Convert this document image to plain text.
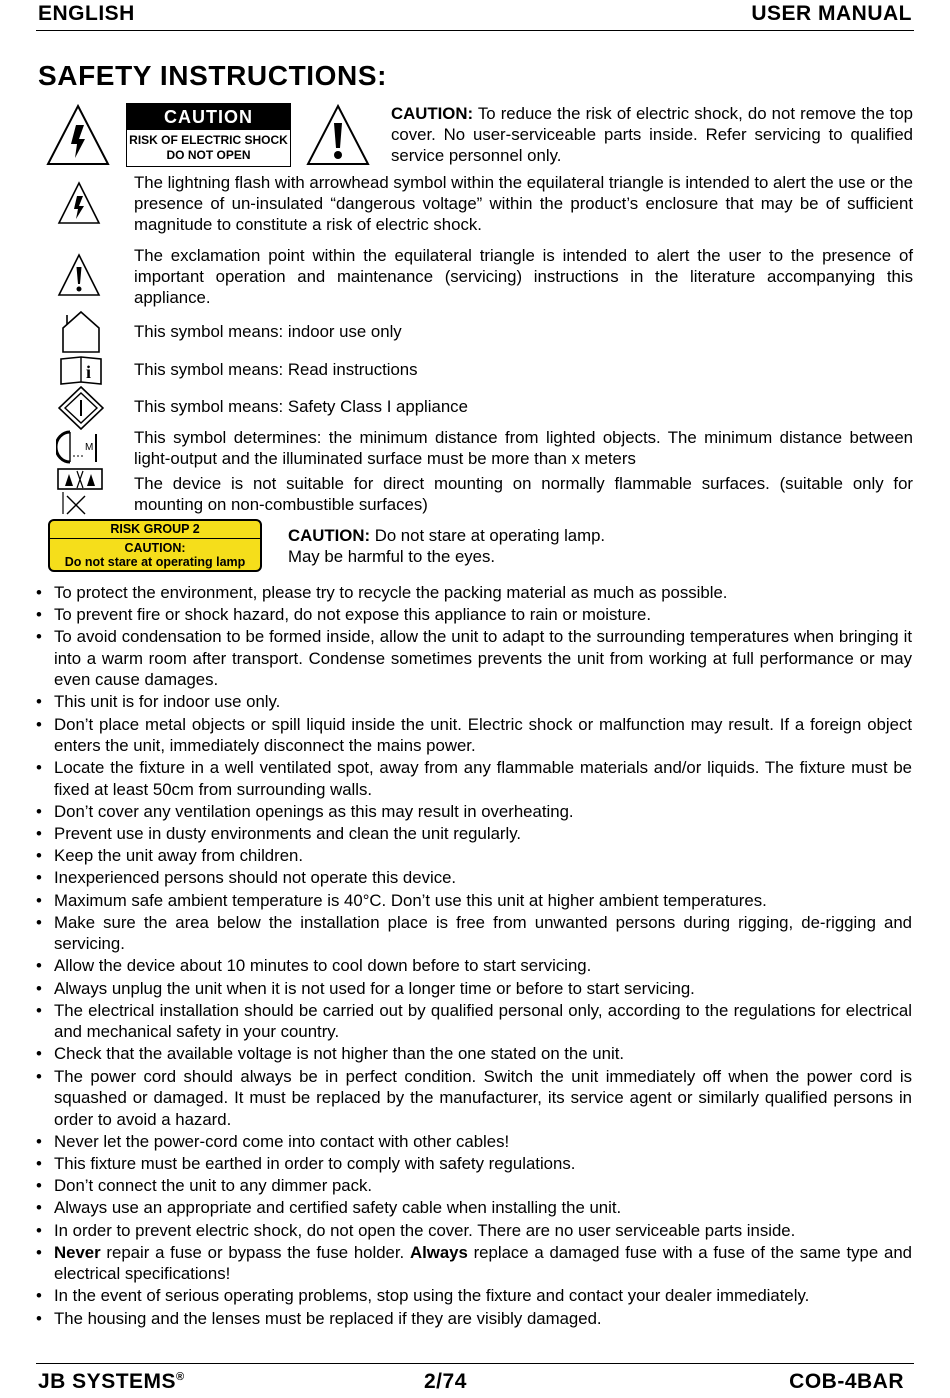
ENGLISH	USER MANUAL
SAFETY INSTRUCTIONS:
CAUTION
RISK OF ELECTRIC SHOCK
DO NOT OPEN
CAUTION: To reduce the risk of electric shock, do not remove the top cover. No user-serviceable parts inside. Refer servicing to qualified service personnel only.
The lightning flash with arrowhead symbol within the equilateral triangle is intended to alert the use or the presence of un-insulated “dangerous voltage” within the product’s enclosure that may be of sufficient magnitude to constitute a risk of electric shock.
The exclamation point within the equilateral triangle is intended to alert the user to the presence of important operation and maintenance (servicing) instructions in the literature accompanying this appliance.
This symbol means: indoor use only
i	This symbol means: Read instructions
This symbol means: Safety Class I appliance
M
This symbol determines: the minimum distance from lighted objects. The minimum distance between light-output and the illuminated surface must be more than x meters
The device is not suitable for direct mounting on normally flammable surfaces. (suitable only for mounting on non-combustible surfaces)
RISK GROUP 2
CAUTION:
Do not stare at operating lamp
CAUTION: Do not stare at operating lamp.
May be harmful to the eyes.
• To protect the environment, please try to recycle the packing material as much as possible.
• To prevent fire or shock hazard, do not expose this appliance to rain or moisture.
• To avoid condensation to be formed inside, allow the unit to adapt to the surrounding temperatures when bringing it into a warm room after transport. Condense sometimes prevents the unit from working at full performance or may even cause damages.
• This unit is for indoor use only.
• Don’t place metal objects or spill liquid inside the unit. Electric shock or malfunction may result. If a foreign object enters the unit, immediately disconnect the mains power.
• Locate the fixture in a well ventilated spot, away from any flammable materials and/or liquids. The fixture must be fixed at least 50cm from surrounding walls.
• Don’t cover any ventilation openings as this may result in overheating.
• Prevent use in dusty environments and clean the unit regularly.
• Keep the unit away from children.
• Inexperienced persons should not operate this device.
• Maximum safe ambient temperature is 40°C. Don’t use this unit at higher ambient temperatures.
• Make sure the area below the installation place is free from unwanted persons during rigging, de-rigging and servicing.
• Allow the device about 10 minutes to cool down before to start servicing.
• Always unplug the unit when it is not used for a longer time or before to start servicing.
• The electrical installation should be carried out by qualified personal only, according to the regulations for electrical and mechanical safety in your country.
• Check that the available voltage is not higher than the one stated on the unit.
• The power cord should always be in perfect condition. Switch the unit immediately off when the power cord is squashed or damaged. It must be replaced by the manufacturer, its service agent or similarly qualified persons in order to avoid a hazard.
• Never let the power-cord come into contact with other cables!
• This fixture must be earthed in order to comply with safety regulations.
• Don’t connect the unit to any dimmer pack.
• Always use an appropriate and certified safety cable when installing the unit.
• In order to prevent electric shock, do not open the cover. There are no user serviceable parts inside.
• Never repair a fuse or bypass the fuse holder. Always replace a damaged fuse with a fuse of the same type and electrical specifications!
• In the event of serious operating problems, stop using the fixture and contact your dealer immediately.
• The housing and the lenses must be replaced if they are visibly damaged.
JB SYSTEMS®	2/74	COB-4BAR
